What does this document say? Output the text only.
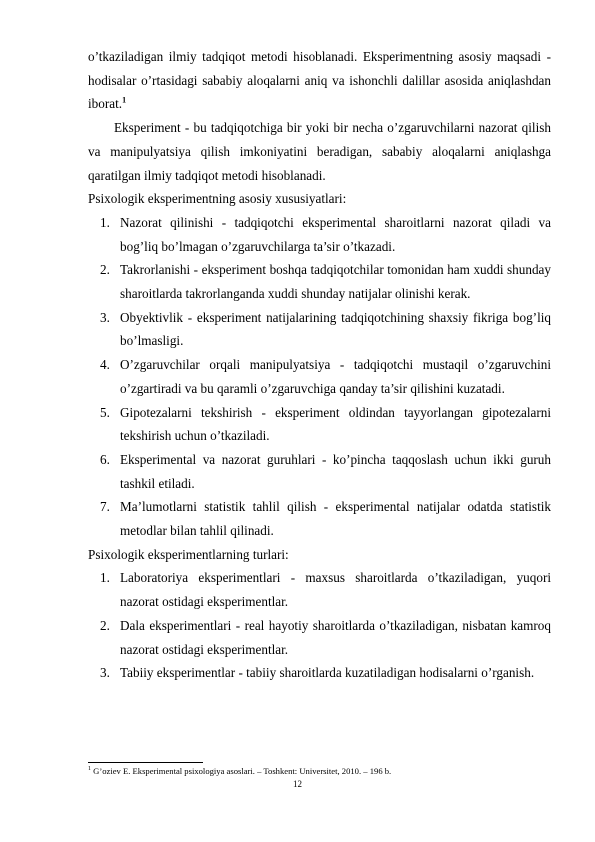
o’tkaziladigan ilmiy tadqiqot metodi hisoblanadi. Eksperimentning asosiy maqsadi - hodisalar o’rtasidagi sababiy aloqalarni aniq va ishonchli dalillar asosida aniqlashdan iborat.$^1$

Eksperiment - bu tadqiqotchiga bir yoki bir necha o’zgaruvchilarni nazorat qilish va manipulyatsiya qilish imkoniyatini beradigan, sababiy aloqalarni aniqlashga qaratilgan ilmiy tadqiqot metodi hisoblanadi.

Psixologik eksperimentning asosiy xususiyatlari:

1. Nazorat qilinishi - tadqiqotchi eksperimental sharoitlarni nazorat qiladi va bog’liq bo’lmagan o’zgaruvchilarga ta’sir o’tkazadi.
2. Takrorlanishi - eksperiment boshqa tadqiqotchilar tomonidan ham xuddi shunday sharoitlarda takrorlanganda xuddi shunday natijalar olinishi kerak.
3. Obyektivlik - eksperiment natijalarining tadqiqotchining shaxsiy fikriga bog’liq bo’lmasligi.
4. O’zgaruvchilar orqali manipulyatsiya - tadqiqotchi mustaqil o’zgaruvchini o’zgartiradi va bu qaramli o’zgaruvchiga qanday ta’sir qilishini kuzatadi.
5. Gipotezalarni tekshirish - eksperiment oldindan tayyorlangan gipotezalarni tekshirish uchun o’tkaziladi.
6. Eksperimental va nazorat guruhlari - ko’pincha taqqoslash uchun ikki guruh tashkil etiladi.
7. Ma’lumotlarni statistik tahlil qilish - eksperimental natijalar odatda statistik metodlar bilan tahlil qilinadi.

Psixologik eksperimentlarning turlari:

1. Laboratoriya eksperimentlari - maxsus sharoitlarda o’tkaziladigan, yuqori nazorat ostidagi eksperimentlar.
2. Dala eksperimentlari - real hayotiy sharoitlarda o’tkaziladigan, nisbatan kamroq nazorat ostidagi eksperimentlar.
3. Tabiiy eksperimentlar - tabiiy sharoitlarda kuzatiladigan hodisalarni o’rganish.

$^1$ G’oziev E. Eksperimental psixologiya asoslari. – Toshkent: Universitet, 2010. – 196 b.

12
